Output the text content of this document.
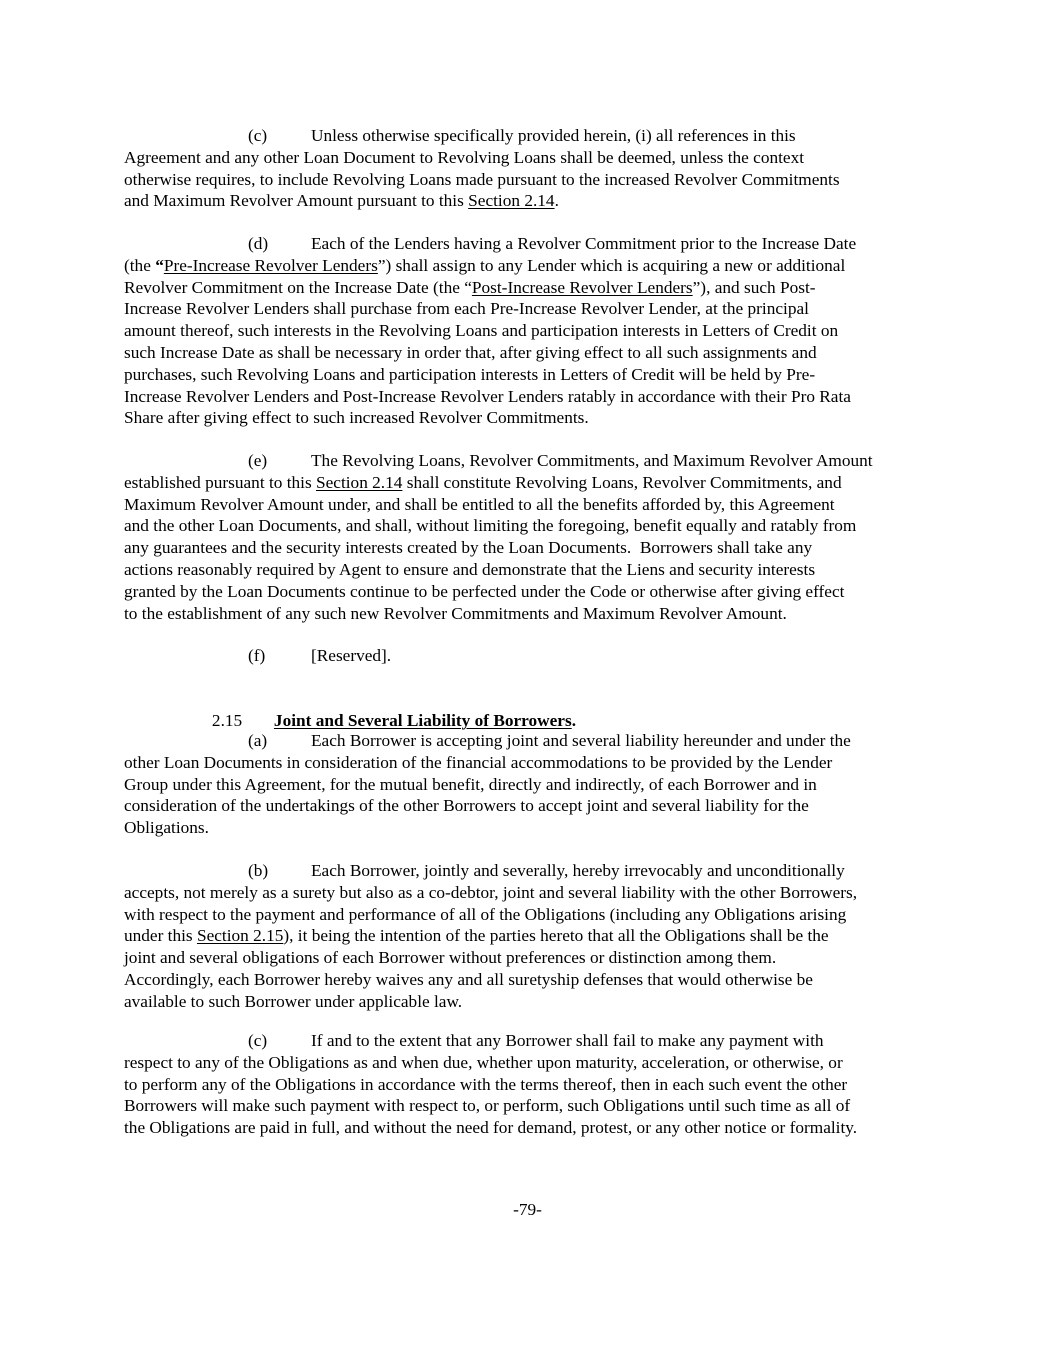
(c)	Unless otherwise specifically provided herein, (i) all references in this
Agreement and any other Loan Document to Revolving Loans shall be deemed, unless the context
otherwise requires, to include Revolving Loans made pursuant to the increased Revolver Commitments
and Maximum Revolver Amount pursuant to this Section 2.14.
(d) Each of the Lenders having a Revolver Commitment prior to the Increase Date
(the “Pre-Increase Revolver Lenders”) shall assign to any Lender which is acquiring a new or additional
Revolver Commitment on the Increase Date (the “Post-Increase Revolver Lenders”), and such Post-
Increase Revolver Lenders shall purchase from each Pre-Increase Revolver Lender, at the principal
amount thereof, such interests in the Revolving Loans and participation interests in Letters of Credit on
such Increase Date as shall be necessary in order that, after giving effect to all such assignments and
purchases, such Revolving Loans and participation interests in Letters of Credit will be held by Pre-
Increase Revolver Lenders and Post-Increase Revolver Lenders ratably in accordance with their Pro Rata
Share after giving effect to such increased Revolver Commitments.
(e)	The Revolving Loans, Revolver Commitments, and Maximum Revolver Amount
established pursuant to this Section 2.14 shall constitute Revolving Loans, Revolver Commitments, and
Maximum Revolver Amount under, and shall be entitled to all the benefits afforded by, this Agreement
and the other Loan Documents, and shall, without limiting the foregoing, benefit equally and ratably from
any guarantees and the security interests created by the Loan Documents.  Borrowers shall take any
actions reasonably required by Agent to ensure and demonstrate that the Liens and security interests
granted by the Loan Documents continue to be perfected under the Code or otherwise after giving effect
to the establishment of any such new Revolver Commitments and Maximum Revolver Amount.
(f)	[Reserved].

2.15 Joint and Several Liability of Borrowers.

(a)	Each Borrower is accepting joint and several liability hereunder and under the
other Loan Documents in consideration of the financial accommodations to be provided by the Lender
Group under this Agreement, for the mutual benefit, directly and indirectly, of each Borrower and in
consideration of the undertakings of the other Borrowers to accept joint and several liability for the
Obligations.
(b) Each Borrower, jointly and severally, hereby irrevocably and unconditionally
accepts, not merely as a surety but also as a co-debtor, joint and several liability with the other Borrowers,
with respect to the payment and performance of all of the Obligations (including any Obligations arising
under this Section 2.15), it being the intention of the parties hereto that all the Obligations shall be the
joint and several obligations of each Borrower without preferences or distinction among them.
Accordingly, each Borrower hereby waives any and all suretyship defenses that would otherwise be
available to such Borrower under applicable law.
(c)	If and to the extent that any Borrower shall fail to make any payment with
respect to any of the Obligations as and when due, whether upon maturity, acceleration, or otherwise, or
to perform any of the Obligations in accordance with the terms thereof, then in each such event the other
Borrowers will make such payment with respect to, or perform, such Obligations until such time as all of
the Obligations are paid in full, and without the need for demand, protest, or any other notice or formality.
-79-
